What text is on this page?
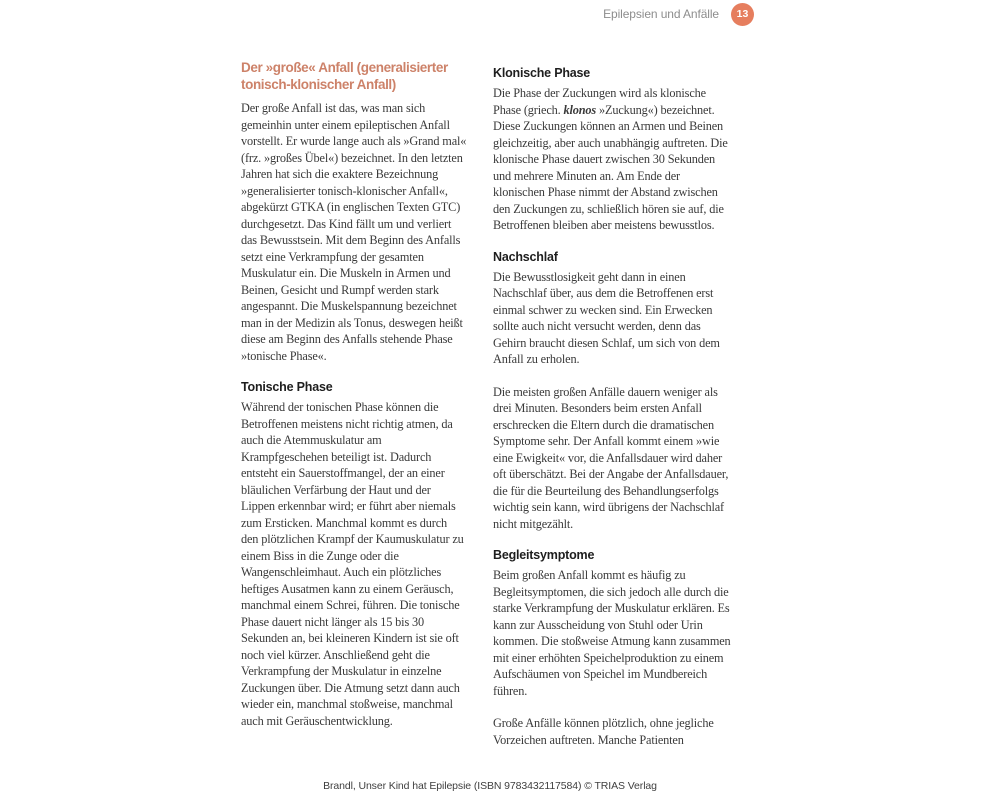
Epilepsien und Anfälle	13
Der »große« Anfall (generalisierter tonisch-klonischer Anfall)

Der große Anfall ist das, was man sich gemeinhin unter einem epileptischen Anfall vorstellt. Er wurde lange auch als »Grand mal« (frz. »großes Übel«) bezeichnet. In den letzten Jahren hat sich die exaktere Bezeichnung »generalisierter tonisch-klonischer Anfall«, abgekürzt GTKA (in englischen Texten GTC) durchgesetzt. Das Kind fällt um und verliert das Bewusstsein. Mit dem Beginn des Anfalls setzt eine Verkrampfung der gesamten Muskulatur ein. Die Muskeln in Armen und Beinen, Gesicht und Rumpf werden stark angespannt. Die Muskelspannung bezeichnet man in der Medizin als Tonus, deswegen heißt diese am Beginn des Anfalls stehende Phase »tonische Phase«.

Tonische Phase

Während der tonischen Phase können die Betroffenen meistens nicht richtig atmen, da auch die Atemmuskulatur am Krampfgeschehen beteiligt ist. Dadurch entsteht ein Sauerstoffmangel, der an einer bläulichen Verfärbung der Haut und der Lippen erkennbar wird; er führt aber niemals zum Ersticken. Manchmal kommt es durch den plötzlichen Krampf der Kaumuskulatur zu einem Biss in die Zunge oder die Wangenschleimhaut. Auch ein plötzliches heftiges Ausatmen kann zu einem Geräusch, manchmal einem Schrei, führen. Die tonische Phase dauert nicht länger als 15 bis 30 Sekunden an, bei kleineren Kindern ist sie oft noch viel kürzer. Anschließend geht die Verkrampfung der Muskulatur in einzelne Zuckungen über. Die Atmung setzt dann auch wieder ein, manchmal stoßweise, manchmal auch mit Geräuschentwicklung.

Klonische Phase

Die Phase der Zuckungen wird als klonische Phase (griech. klonos »Zuckung«) bezeichnet. Diese Zuckungen können an Armen und Beinen gleichzeitig, aber auch unabhängig auftreten. Die klonische Phase dauert zwischen 30 Sekunden und mehrere Minuten an. Am Ende der klonischen Phase nimmt der Abstand zwischen den Zuckungen zu, schließlich hören sie auf, die Betroffenen bleiben aber meistens bewusstlos.

Nachschlaf

Die Bewusstlosigkeit geht dann in einen Nachschlaf über, aus dem die Betroffenen erst einmal schwer zu wecken sind. Ein Erwecken sollte auch nicht versucht werden, denn das Gehirn braucht diesen Schlaf, um sich von dem Anfall zu erholen.

Die meisten großen Anfälle dauern weniger als drei Minuten. Besonders beim ersten Anfall erschrecken die Eltern durch die dramatischen Symptome sehr. Der Anfall kommt einem »wie eine Ewigkeit« vor, die Anfallsdauer wird daher oft überschätzt. Bei der Angabe der Anfallsdauer, die für die Beurteilung des Behandlungserfolgs wichtig sein kann, wird übrigens der Nachschlaf nicht mitgezählt.

Begleitsymptome

Beim großen Anfall kommt es häufig zu Begleitsymptomen, die sich jedoch alle durch die starke Verkrampfung der Muskulatur erklären. Es kann zur Ausscheidung von Stuhl oder Urin kommen. Die stoßweise Atmung kann zusammen mit einer erhöhten Speichelproduktion zu einem Aufschäumen von Speichel im Mundbereich führen.

Große Anfälle können plötzlich, ohne jegliche Vorzeichen auftreten. Manche Patienten

Brandl, Unser Kind hat Epilepsie (ISBN 9783432117584) © TRIAS Verlag
